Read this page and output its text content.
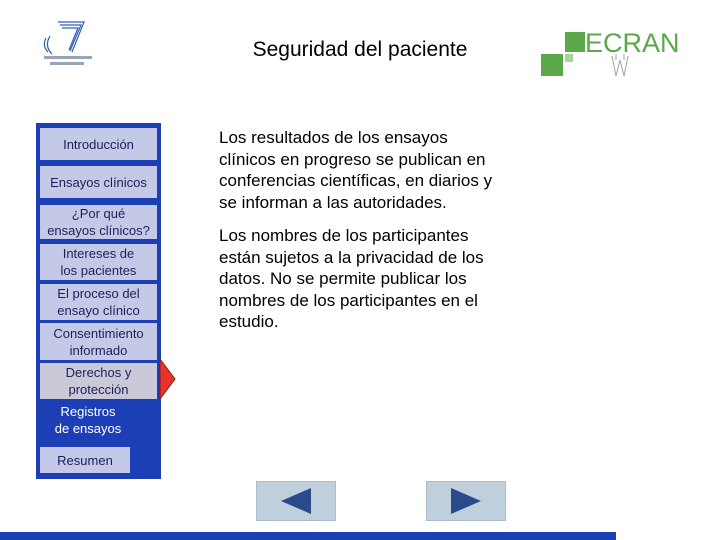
Seguridad del paciente	ECRAN
Introducción
Ensayos clínicos
¿Por qué
ensayos clínicos?
Intereses de
los pacientes
El proceso del
ensayo clínico
Consentimiento
informado
Derechos y
protección
Registros
de ensayos
Resumen

Los resultados de los ensayos clínicos en progreso se publican en conferencias científicas, en diarios y se informan a las autoridades.

Los nombres de los participantes están sujetos a la privacidad de los datos. No se permite publicar los nombres de los participantes en el estudio.
